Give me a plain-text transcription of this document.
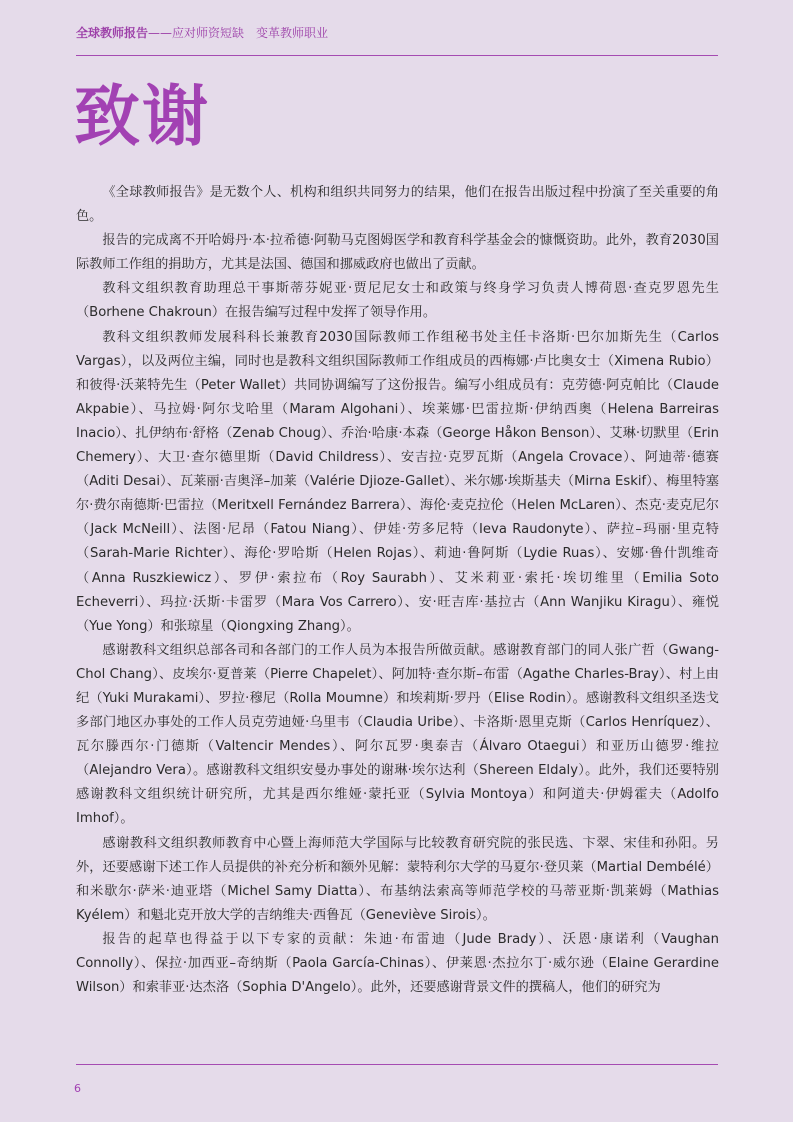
全球教师报告——应对师资短缺　变革教师职业
致谢

《全球教师报告》是无数个人、机构和组织共同努力的结果，他们在报告出版过程中扮演了至关重要的角色。

报告的完成离不开哈姆丹·本·拉希德·阿勒马克图姆医学和教育科学基金会的慷慨资助。此外，教育2030国际教师工作组的捐助方，尤其是法国、德国和挪威政府也做出了贡献。

教科文组织教育助理总干事斯蒂芬妮亚·贾尼尼女士和政策与终身学习负责人博荷恩·查克罗恩先生（Borhene Chakroun）在报告编写过程中发挥了领导作用。

教科文组织教师发展科科长兼教育2030国际教师工作组秘书处主任卡洛斯·巴尔加斯先生（Carlos Vargas），以及两位主编，同时也是教科文组织国际教师工作组成员的西梅娜·卢比奥女士（Ximena Rubio）和彼得·沃莱特先生（Peter Wallet）共同协调编写了这份报告。编写小组成员有：克劳德·阿克帕比（Claude Akpabie）、马拉姆·阿尔戈哈里（Maram Algohani）、埃莱娜·巴雷拉斯·伊纳西奥（Helena Barreiras Inacio）、扎伊纳布·舒格（Zenab Choug）、乔治·哈康·本森（George Håkon Benson）、艾琳·切默里（Erin Chemery）、大卫·查尔德里斯（David Childress）、安吉拉·克罗瓦斯（Angela Crovace）、阿迪蒂·德赛（Aditi Desai）、瓦莱丽·吉奥泽–加莱（Valérie Djioze-Gallet）、米尔娜·埃斯基夫（Mirna Eskif）、梅里特塞尔·费尔南德斯·巴雷拉（Meritxell Fernández Barrera）、海伦·麦克拉伦（Helen McLaren）、杰克·麦克尼尔（Jack McNeill）、法图·尼昂（Fatou Niang）、伊娃·劳多尼特（Ieva Raudonyte）、萨拉–玛丽·里克特（Sarah-Marie Richter）、海伦·罗哈斯（Helen Rojas）、莉迪·鲁阿斯（Lydie Ruas）、安娜·鲁什凯维奇（Anna Ruszkiewicz）、罗伊·索拉布（Roy Saurabh）、艾米莉亚·索托·埃切维里（Emilia Soto Echeverri）、玛拉·沃斯·卡雷罗（Mara Vos Carrero）、安·旺吉库·基拉古（Ann Wanjiku Kiragu）、雍悦（Yue Yong）和张琼星（Qiongxing Zhang）。

感谢教科文组织总部各司和各部门的工作人员为本报告所做贡献。感谢教育部门的同人张广哲（Gwang-Chol Chang）、皮埃尔·夏普莱（Pierre Chapelet）、阿加特·查尔斯–布雷（Agathe Charles-Bray）、村上由纪（Yuki Murakami）、罗拉·穆尼（Rolla Moumne）和埃莉斯·罗丹（Elise Rodin）。感谢教科文组织圣迭戈多部门地区办事处的工作人员克劳迪娅·乌里韦（Claudia Uribe）、卡洛斯·恩里克斯（Carlos Henríquez）、瓦尔滕西尔·门德斯（Valtencir Mendes）、阿尔瓦罗·奥泰吉（Álvaro Otaegui）和亚历山德罗·维拉（Alejandro Vera）。感谢教科文组织安曼办事处的谢琳·埃尔达利（Shereen Eldaly）。此外，我们还要特别感谢教科文组织统计研究所，尤其是西尔维娅·蒙托亚（Sylvia Montoya）和阿道夫·伊姆霍夫（Adolfo Imhof）。

感谢教科文组织教师教育中心暨上海师范大学国际与比较教育研究院的张民选、卞翠、宋佳和孙阳。另外，还要感谢下述工作人员提供的补充分析和额外见解：蒙特利尔大学的马夏尔·登贝莱（Martial Dembélé）和米歇尔·萨米·迪亚塔（Michel Samy Diatta）、布基纳法索高等师范学校的马蒂亚斯·凯莱姆（Mathias Kyélem）和魁北克开放大学的吉纳维夫·西鲁瓦（Geneviève Sirois）。

报告的起草也得益于以下专家的贡献：朱迪·布雷迪（Jude Brady）、沃恩·康诺利（Vaughan Connolly）、保拉·加西亚–奇纳斯（Paola García-Chinas）、伊莱恩·杰拉尔丁·威尔逊（Elaine Gerardine Wilson）和索菲亚·达杰洛（Sophia D'Angelo）。此外，还要感谢背景文件的撰稿人，他们的研究为

6
